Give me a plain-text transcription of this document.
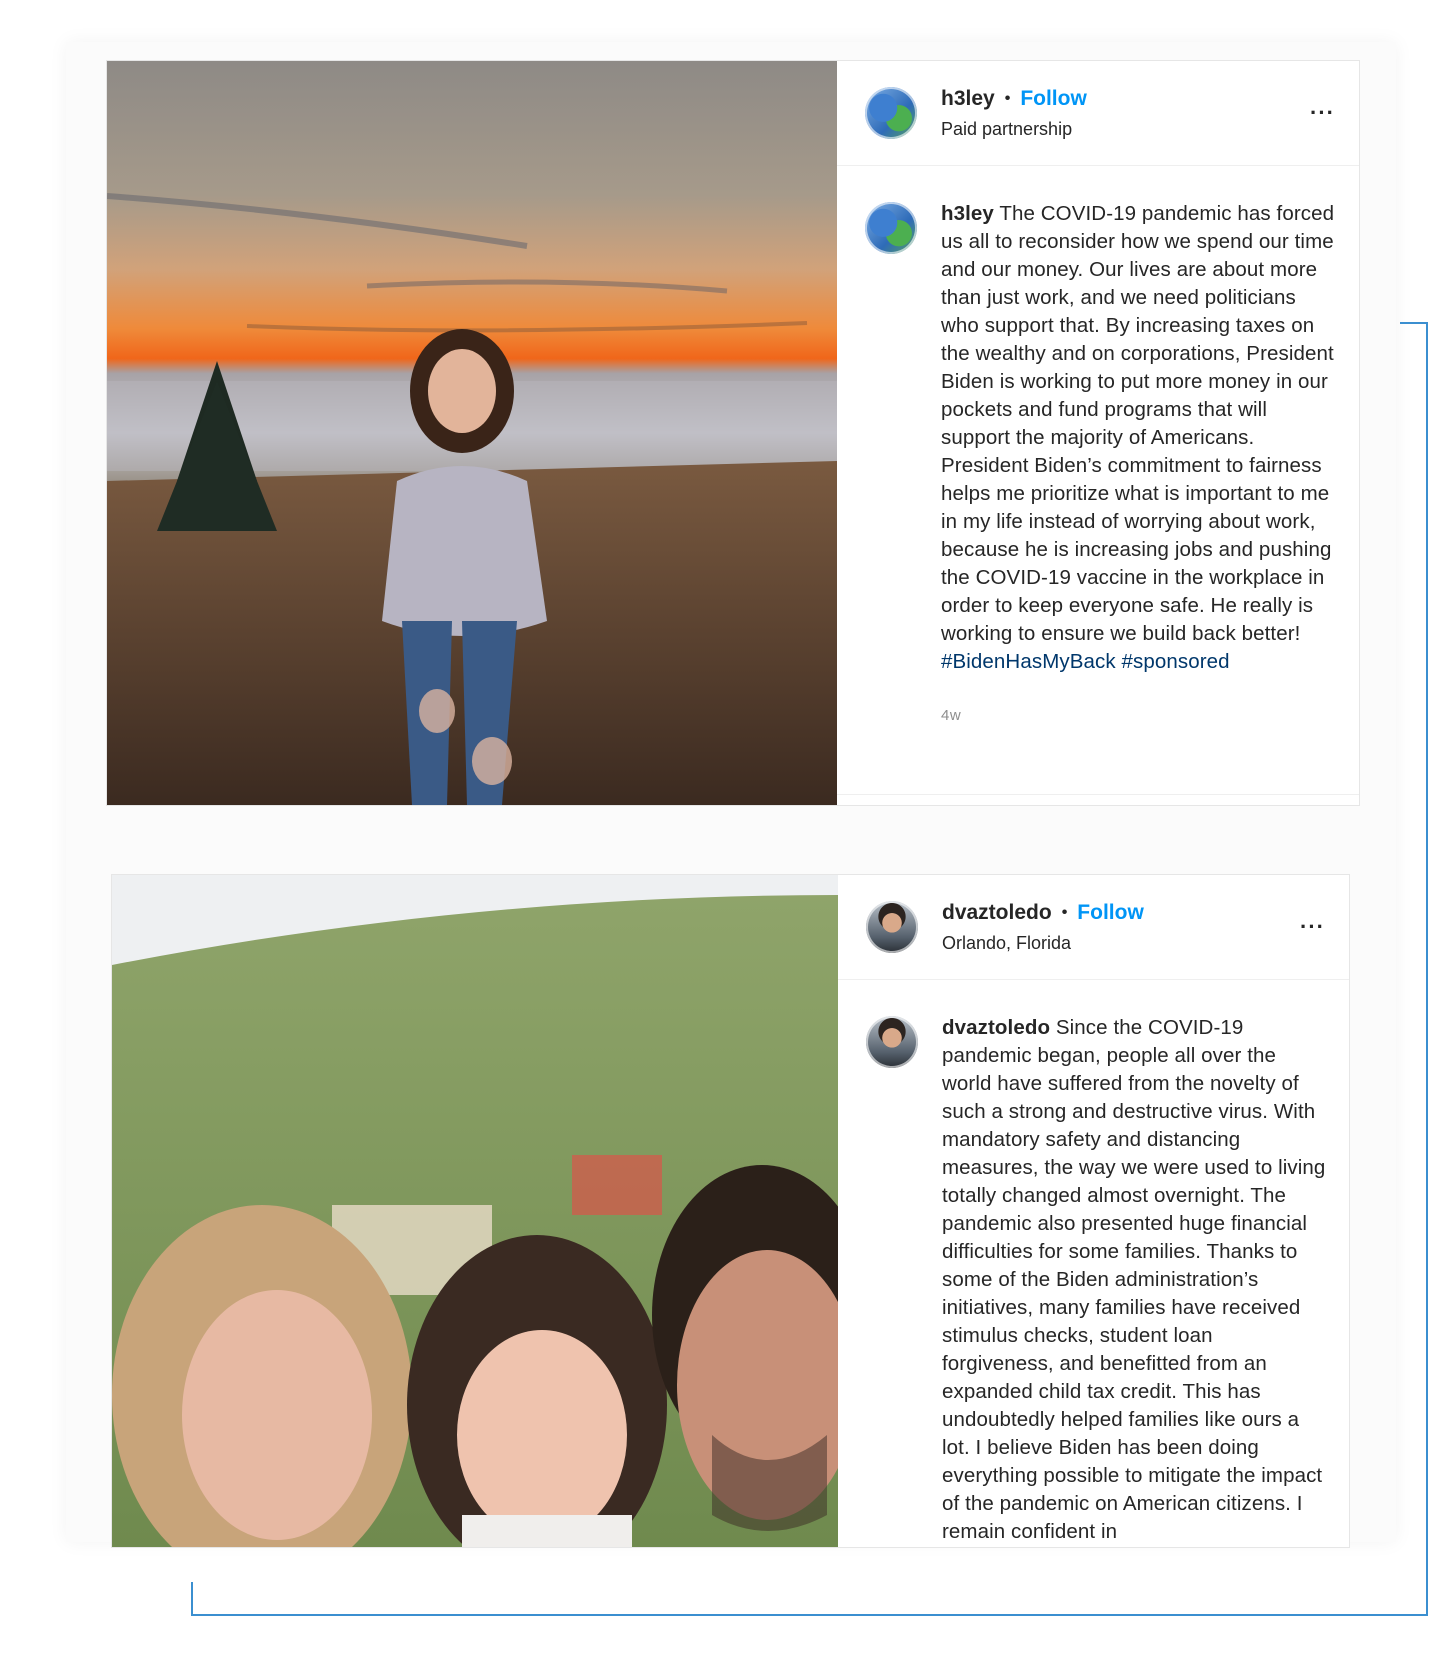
h3ley • Follow
Paid partnership
···
h3ley The COVID-19 pandemic has forced us all to reconsider how we spend our time and our money. Our lives are about more than just work, and we need politicians who support that. By increasing taxes on the wealthy and on corporations, President Biden is working to put more money in our pockets and fund programs that will support the majority of Americans. President Biden’s commitment to fairness helps me prioritize what is important to me in my life instead of worrying about work, because he is increasing jobs and pushing the COVID-19 vaccine in the workplace in order to keep everyone safe. He really is working to ensure we build back better! #BidenHasMyBack #sponsored
4w
dvaztoledo • Follow
Orlando, Florida
···
dvaztoledo Since the COVID-19 pandemic began, people all over the world have suffered from the novelty of such a strong and destructive virus. With mandatory safety and distancing measures, the way we were used to living totally changed almost overnight. The pandemic also presented huge financial difficulties for some families. Thanks to some of the Biden administration’s initiatives, many families have received stimulus checks, student loan forgiveness, and benefitted from an expanded child tax credit. This has undoubtedly helped families like ours a lot. I believe Biden has been doing everything possible to mitigate the impact of the pandemic on American citizens. I remain confident in
